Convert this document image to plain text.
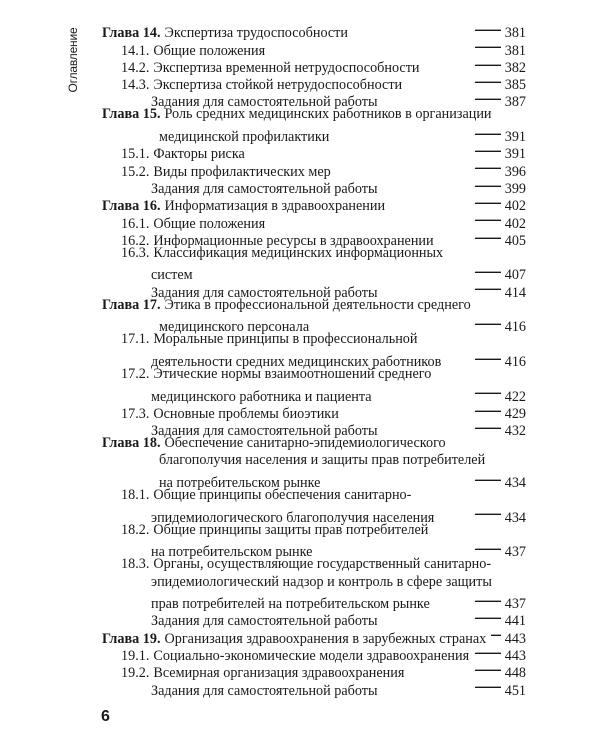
Оглавление Глава 14. Экспертиза трудоспособности . . .	381
14.1. Общие положения . . .	381
14.2. Экспертиза временной нетрудоспособности . . .	382
14.3. Экспертиза стойкой нетрудоспособности . . .	385
Задания для самостоятельной работы . . .	387
Глава 15. Роль средних медицинских работников в организации
медицинской профилактики . . .	391
15.1. Факторы риска . . .	391
15.2. Виды профилактических мер . . .	396
Задания для самостоятельной работы . . .	399
Глава 16. Информатизация в здравоохранении . . .	402
16.1. Общие положения . . .	402
16.2. Информационные ресурсы в здравоохранении . . .	405
16.3. Классификация медицинских информационных
систем . . .	407
Задания для самостоятельной работы . . .	414
Глава 17. Этика в профессиональной деятельности среднего
медицинского персонала . . .	416
17.1. Моральные принципы в профессиональной
деятельности средних медицинских работников . . .	416
17.2. Этические нормы взаимоотношений среднего
медицинского работника и пациента . . .	422
17.3. Основные проблемы биоэтики . . .	429
Задания для самостоятельной работы . . .	432
Глава 18. Обеспечение санитарно-эпидемиологического
благополучия населения и защиты прав потребителей
на потребительском рынке . . .	434
18.1. Общие принципы обеспечения санитарно-
эпидемиологического благополучия населения . . .	434
18.2. Общие принципы защиты прав потребителей
на потребительском рынке . . .	437
18.3. Органы, осуществляющие государственный санитарно-
эпидемиологический надзор и контроль в сфере защиты
прав потребителей на потребительском рынке . . .	437
Задания для самостоятельной работы . . .	441
Глава 19. Организация здравоохранения в зарубежных странах . . . 443
19.1. Социально-экономические модели здравоохранения . . .	443
19.2. Всемирная организация здравоохранения . . .	448
Задания для самостоятельной работы . . .	451
6
